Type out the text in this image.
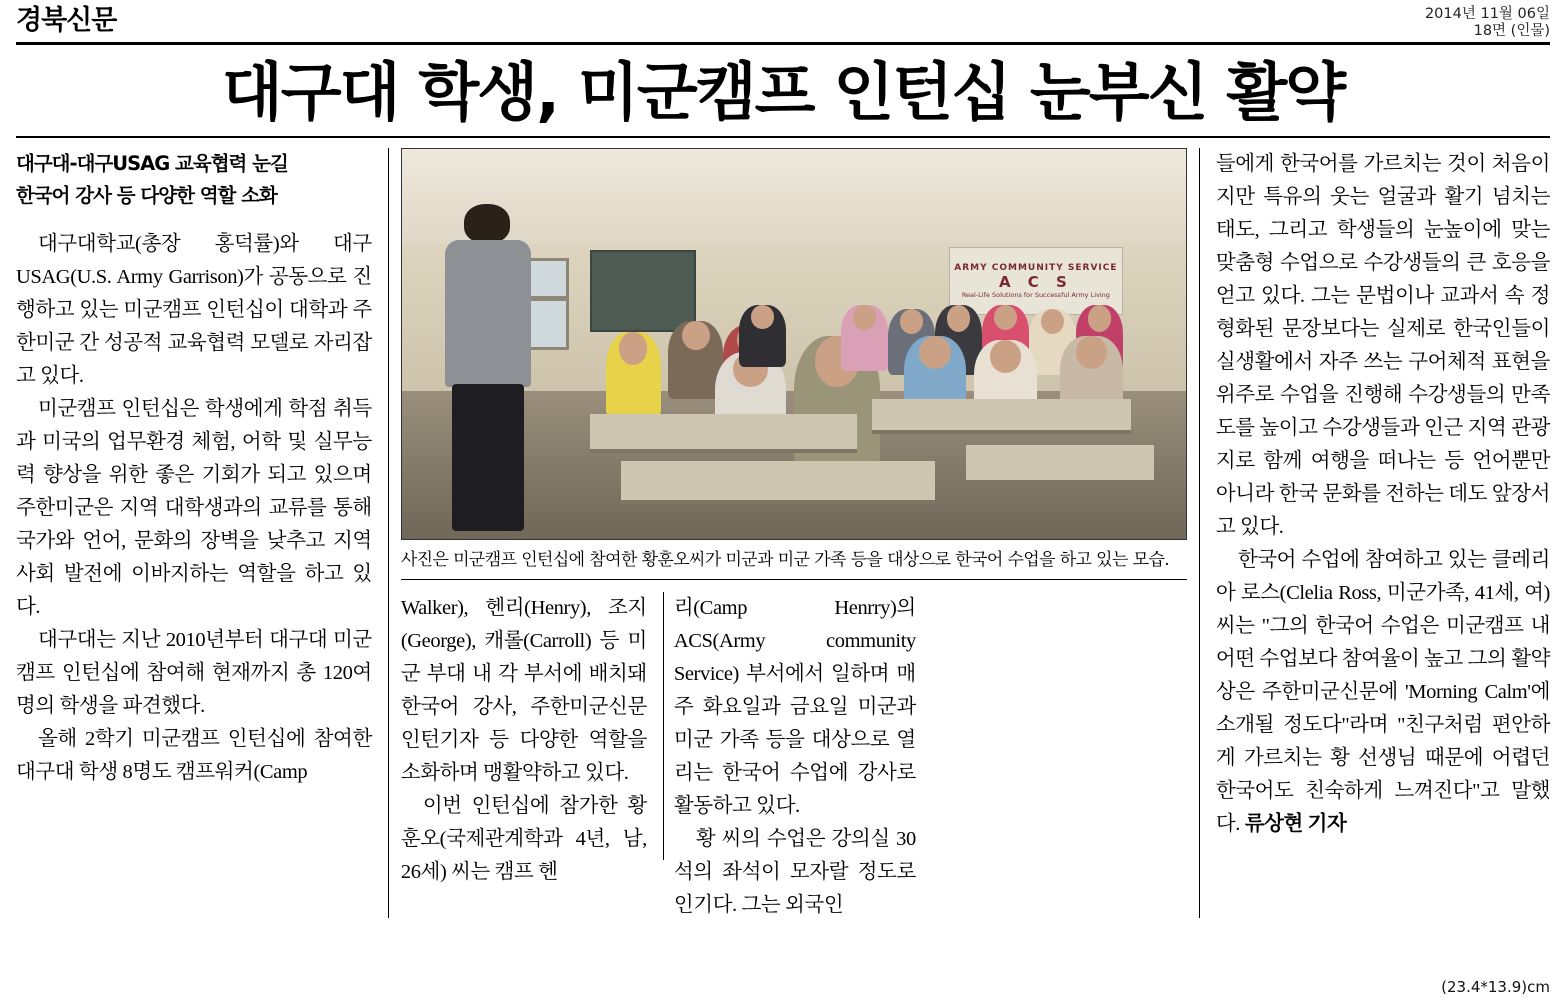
경북신문	2014년 11월 06일
18면 (인물)
대구대 학생, 미군캠프 인턴십 눈부신 활약
대구대-대구USAG 교육협력 눈길
한국어 강사 등 다양한 역할 소화

대구대학교(총장 홍덕률)와 대구USAG(U.S. Army Garrison)가 공동으로 진행하고 있는 미군캠프 인턴십이 대학과 주한미군 간 성공적 교육협력 모델로 자리잡고 있다.

미군캠프 인턴십은 학생에게 학점 취득과 미국의 업무환경 체험, 어학 및 실무능력 향상을 위한 좋은 기회가 되고 있으며 주한미군은 지역 대학생과의 교류를 통해 국가와 언어, 문화의 장벽을 낮추고 지역사회 발전에 이바지하는 역할을 하고 있다.

대구대는 지난 2010년부터 대구대 미군캠프 인턴십에 참여해 현재까지 총 120여명의 학생을 파견했다.

올해 2학기 미군캠프 인턴십에 참여한 대구대 학생 8명도 캠프워커(Camp

ARMY COMMUNITY SERVICE
A C S
Real-Life Solutions for Successful Army Living
사진은 미군캠프 인턴십에 참여한 황훈오씨가 미군과 미군 가족 등을 대상으로 한국어 수업을 하고 있는 모습.

Walker), 헨리(Henry), 조지(George), 캐롤(Carroll) 등 미군 부대 내 각 부서에 배치돼 한국어 강사, 주한미군신문 인턴기자 등 다양한 역할을 소화하며 맹활약하고 있다.

이번 인턴십에 참가한 황훈오(국제관계학과 4년, 남, 26세) 씨는 캠프 헨

리(Camp Henrry)의 ACS(Army community Service) 부서에서 일하며 매주 화요일과 금요일 미군과 미군 가족 등을 대상으로 열리는 한국어 수업에 강사로 활동하고 있다.

황 씨의 수업은 강의실 30석의 좌석이 모자랄 정도로 인기다. 그는 외국인

들에게 한국어를 가르치는 것이 처음이지만 특유의 웃는 얼굴과 활기 넘치는 태도, 그리고 학생들의 눈높이에 맞는 맞춤형 수업으로 수강생들의 큰 호응을 얻고 있다. 그는 문법이나 교과서 속 정형화된 문장보다는 실제로 한국인들이 실생활에서 자주 쓰는 구어체적 표현을 위주로 수업을 진행해 수강생들의 만족도를 높이고 수강생들과 인근 지역 관광지로 함께 여행을 떠나는 등 언어뿐만 아니라 한국 문화를 전하는 데도 앞장서고 있다.

한국어 수업에 참여하고 있는 클레리아 로스(Clelia Ross, 미군가족, 41세, 여) 씨는 "그의 한국어 수업은 미군캠프 내 어떤 수업보다 참여율이 높고 그의 활약상은 주한미군신문에 'Morning Calm'에 소개될 정도다"라며 "친구처럼 편안하게 가르치는 황 선생님 때문에 어렵던 한국어도 친숙하게 느껴진다"고 말했다. 류상현 기자

(23.4*13.9)cm
